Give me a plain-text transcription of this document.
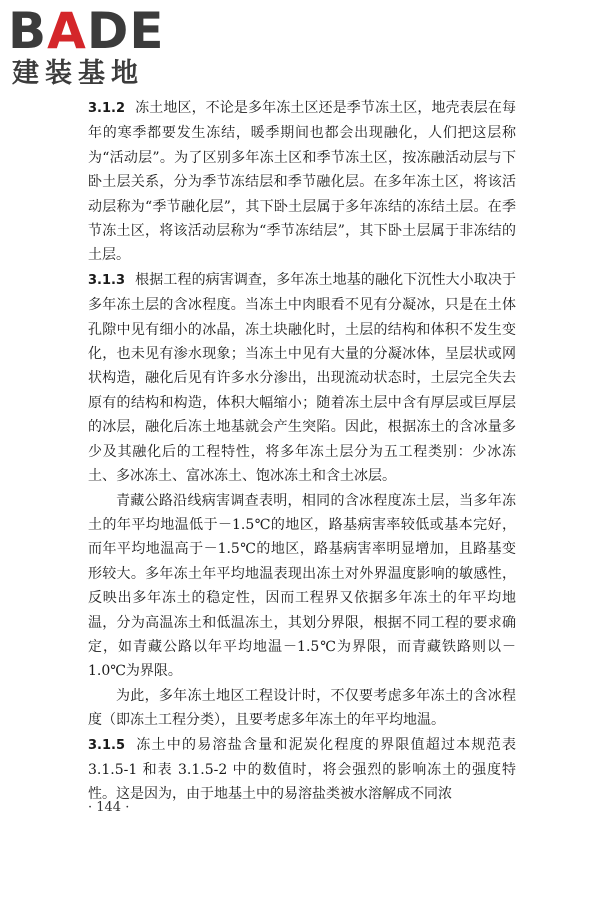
B A DE
建装基地

3.1.2 冻土地区，不论是多年冻土区还是季节冻土区，地壳表层在每年的寒季都要发生冻结，暖季期间也都会出现融化，人们把这层称为“活动层”。为了区别多年冻土区和季节冻土区，按冻融活动层与下卧土层关系，分为季节冻结层和季节融化层。在多年冻土区，将该活动层称为“季节融化层”，其下卧土层属于多年冻结的冻结土层。在季节冻土区，将该活动层称为“季节冻结层”，其下卧土层属于非冻结的土层。

3.1.3 根据工程的病害调查，多年冻土地基的融化下沉性大小取决于多年冻土层的含冰程度。当冻土中肉眼看不见有分凝冰，只是在土体孔隙中见有细小的冰晶，冻土块融化时，土层的结构和体积不发生变化，也未见有渗水现象；当冻土中见有大量的分凝冰体，呈层状或网状构造，融化后见有许多水分渗出，出现流动状态时，土层完全失去原有的结构和构造，体积大幅缩小；随着冻土层中含有厚层或巨厚层的冰层，融化后冻土地基就会产生突陷。因此，根据冻土的含冰量多少及其融化后的工程特性，将多年冻土层分为五工程类别：少冰冻土、多冰冻土、富冰冻土、饱冰冻土和含土冰层。

青藏公路沿线病害调查表明，相同的含冰程度冻土层，当多年冻土的年平均地温低于－1.5℃的地区，路基病害率较低或基本完好，而年平均地温高于－1.5℃的地区，路基病害率明显增加，且路基变形较大。多年冻土年平均地温表现出冻土对外界温度影响的敏感性，反映出多年冻土的稳定性，因而工程界又依据多年冻土的年平均地温，分为高温冻土和低温冻土，其划分界限，根据不同工程的要求确定，如青藏公路以年平均地温－1.5℃为界限，而青藏铁路则以－1.0℃为界限。

为此，多年冻土地区工程设计时，不仅要考虑多年冻土的含冰程度（即冻土工程分类），且要考虑多年冻土的年平均地温。

3.1.5 冻土中的易溶盐含量和泥炭化程度的界限值超过本规范表 3.1.5-1 和表 3.1.5-2 中的数值时，将会强烈的影响冻土的强度特性。这是因为，由于地基土中的易溶盐类被水溶解成不同浓

· 144 ·
